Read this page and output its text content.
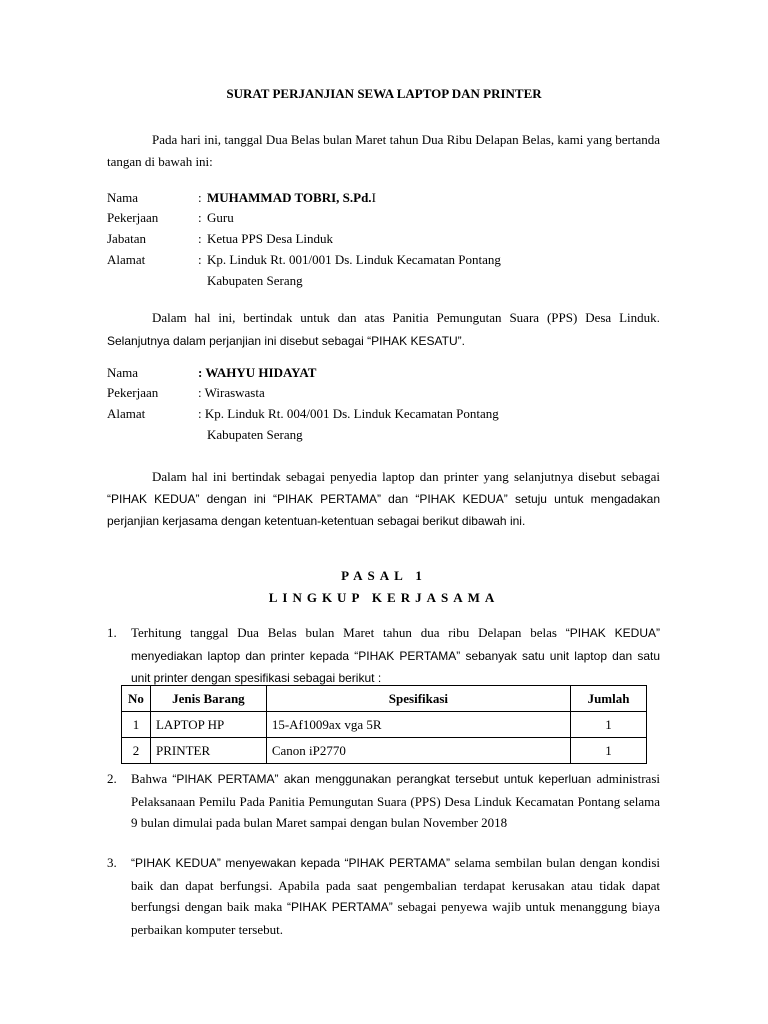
SURAT PERJANJIAN SEWA LAPTOP DAN PRINTER

Pada hari ini, tanggal Dua Belas bulan Maret tahun Dua Ribu Delapan Belas, kami yang bertanda tangan di bawah ini:

Nama	: MUHAMMAD TOBRI, S.Pd.I
Pekerjaan	: Guru
Jabatan	: Ketua PPS Desa Linduk
Alamat	: Kp. Linduk Rt. 001/001 Ds. Linduk Kecamatan Pontang
Kabupaten Serang

Dalam hal ini, bertindak untuk dan atas Panitia Pemungutan Suara (PPS) Desa Linduk. Selanjutnya dalam perjanjian ini disebut sebagai “PIHAK KESATU”.

Nama	: WAHYU HIDAYAT
Pekerjaan	: Wiraswasta
Alamat	: Kp. Linduk Rt. 004/001 Ds. Linduk Kecamatan Pontang
Kabupaten Serang

Dalam hal ini bertindak sebagai penyedia laptop dan printer yang selanjutnya disebut sebagai “PIHAK KEDUA” dengan ini “PIHAK PERTAMA” dan “PIHAK KEDUA” setuju untuk mengadakan perjanjian kerjasama dengan ketentuan-ketentuan sebagai berikut dibawah ini.

PASAL 1
LINGKUP KERJASAMA
1. Terhitung tanggal Dua Belas bulan Maret tahun dua ribu Delapan belas “PIHAK KEDUA” menyediakan laptop dan printer kepada “PIHAK PERTAMA” sebanyak satu unit laptop dan satu unit printer dengan spesifikasi sebagai berikut :
No	Jenis Barang	Spesifikasi	Jumlah
1	LAPTOP HP	15-Af1009ax vga 5R	1
2	PRINTER	Canon iP2770	1
2. Bahwa “PIHAK PERTAMA” akan menggunakan perangkat tersebut untuk keperluan administrasi Pelaksanaan Pemilu Pada Panitia Pemungutan Suara (PPS) Desa Linduk Kecamatan Pontang selama 9 bulan dimulai pada bulan Maret sampai dengan bulan November 2018
3. “PIHAK KEDUA” menyewakan kepada “PIHAK PERTAMA” selama sembilan bulan dengan kondisi baik dan dapat berfungsi. Apabila pada saat pengembalian terdapat kerusakan atau tidak dapat berfungsi dengan baik maka “PIHAK PERTAMA” sebagai penyewa wajib untuk menanggung biaya perbaikan komputer tersebut.
